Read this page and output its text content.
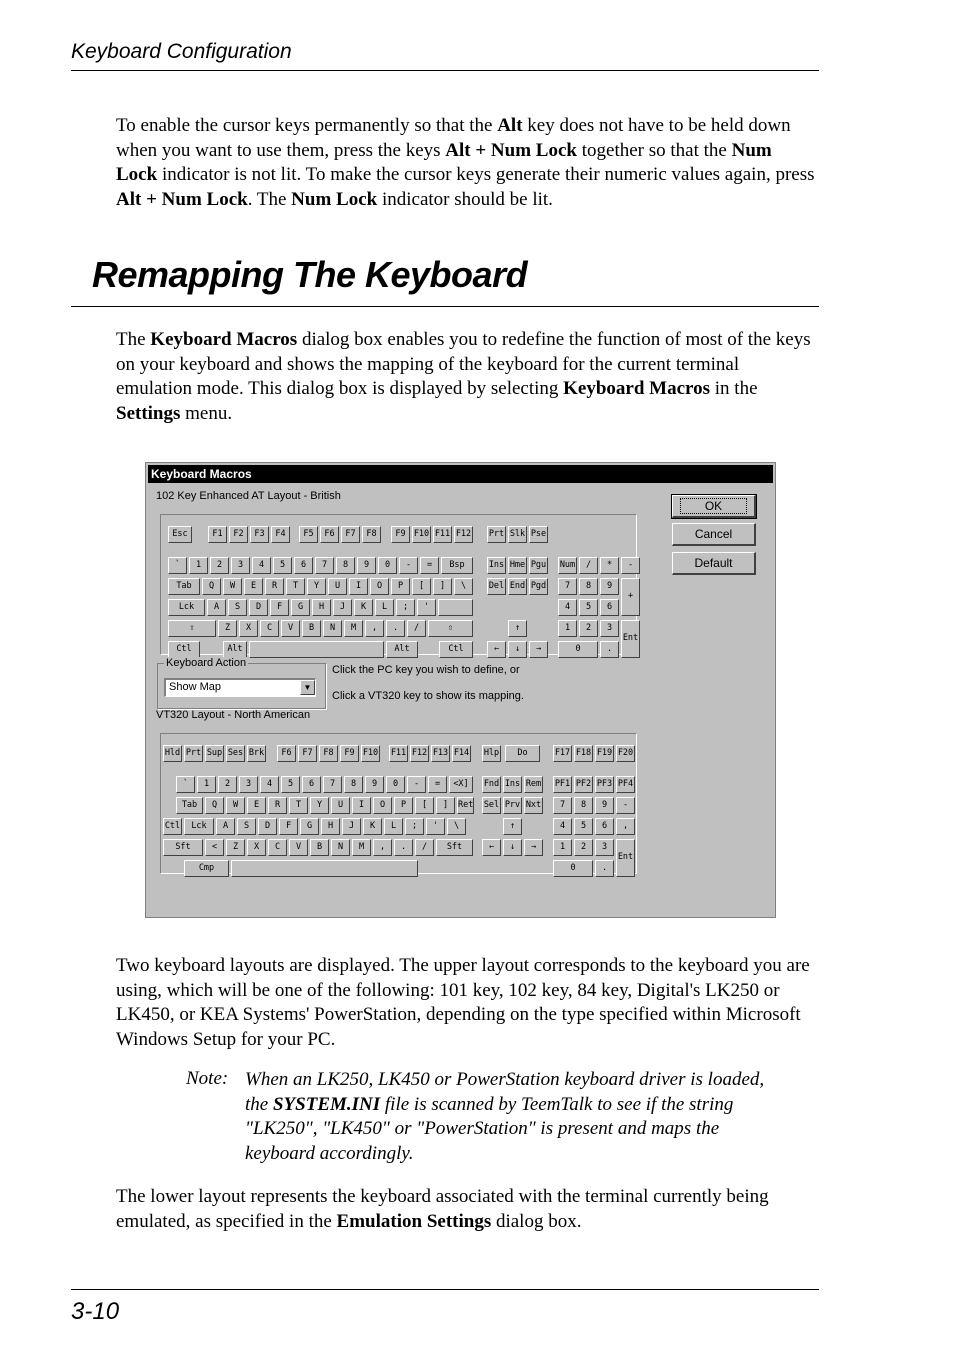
Keyboard Configuration
To enable the cursor keys permanently so that the Alt key does not have to be held down when you want to use them, press the keys Alt + Num Lock together so that the Num Lock indicator is not lit. To make the cursor keys generate their numeric values again, press Alt + Num Lock. The Num Lock indicator should be lit.
Remapping The Keyboard
The Keyboard Macros dialog box enables you to redefine the function of most of the keys on your keyboard and shows the mapping of the keyboard for the current terminal emulation mode. This dialog box is displayed by selecting Keyboard Macros in the Settings menu.
Keyboard Macros
102 Key Enhanced AT Layout - British
Esc	F1	F2	F3	F4	F5	F6	F7	F8	F9 F10 F11 F12 Prt Slk Pse
`	1	2	3	4	5	6	7	8	9	0	-	=	Bsp	Ins Hme Pgu Num	/	*	-
Tab	Q	W	E	R	T	Y	U	I	O	P	[	]	\	Del End Pgd	7	8	9
Lck	A	S	D	F	G	H	J	K	L	;	'	4	5	6
⇧	Z	X	C	V	B	N	M	,	.	/	⇧	↑	1	2	3
Ctl	Alt	Alt	Ctl	←	↓	→	0	.
+
Ent
OK
Cancel
Default
Keyboard Action
Show Map	▼
Click the PC key you wish to define, or
Click a VT320 key to show its mapping.
VT320 Layout - North American
Hld Prt Sup Ses Brk	F6	F7	F8	F9 F10 F11 F12 F13 F14 Hlp	Do	F17 F18 F19 F20
`	1	2	3	4	5	6	7	8	9	0	-	=	<X]	Fnd Ins Rem PF1 PF2 PF3 PF4
Tab	Q	W	E	R	T	Y	U	I	O	P	[	]	Ret Sel Prv Nxt	7	8	9	-
Ctl	Lck	A	S	D	F	G	H	J	K	L	;	'	\	↑	4	5	6	,
Sft	<	Z	X	C	V	B	N	M	,	.	/	Sft	←	↓	→	1	2	3
Cmp	0	.
Ent
Two keyboard layouts are displayed. The upper layout corresponds to the keyboard you are using, which will be one of the following: 101 key, 102 key, 84 key, Digital's LK250 or LK450, or KEA Systems' PowerStation, depending on the type specified within Microsoft Windows Setup for your PC.
Note: When an LK250, LK450 or PowerStation keyboard driver is loaded, the SYSTEM.INI file is scanned by TeemTalk to see if the string "LK250", "LK450" or "PowerStation" is present and maps the keyboard accordingly.
The lower layout represents the keyboard associated with the terminal currently being emulated, as specified in the Emulation Settings dialog box.
3-10
